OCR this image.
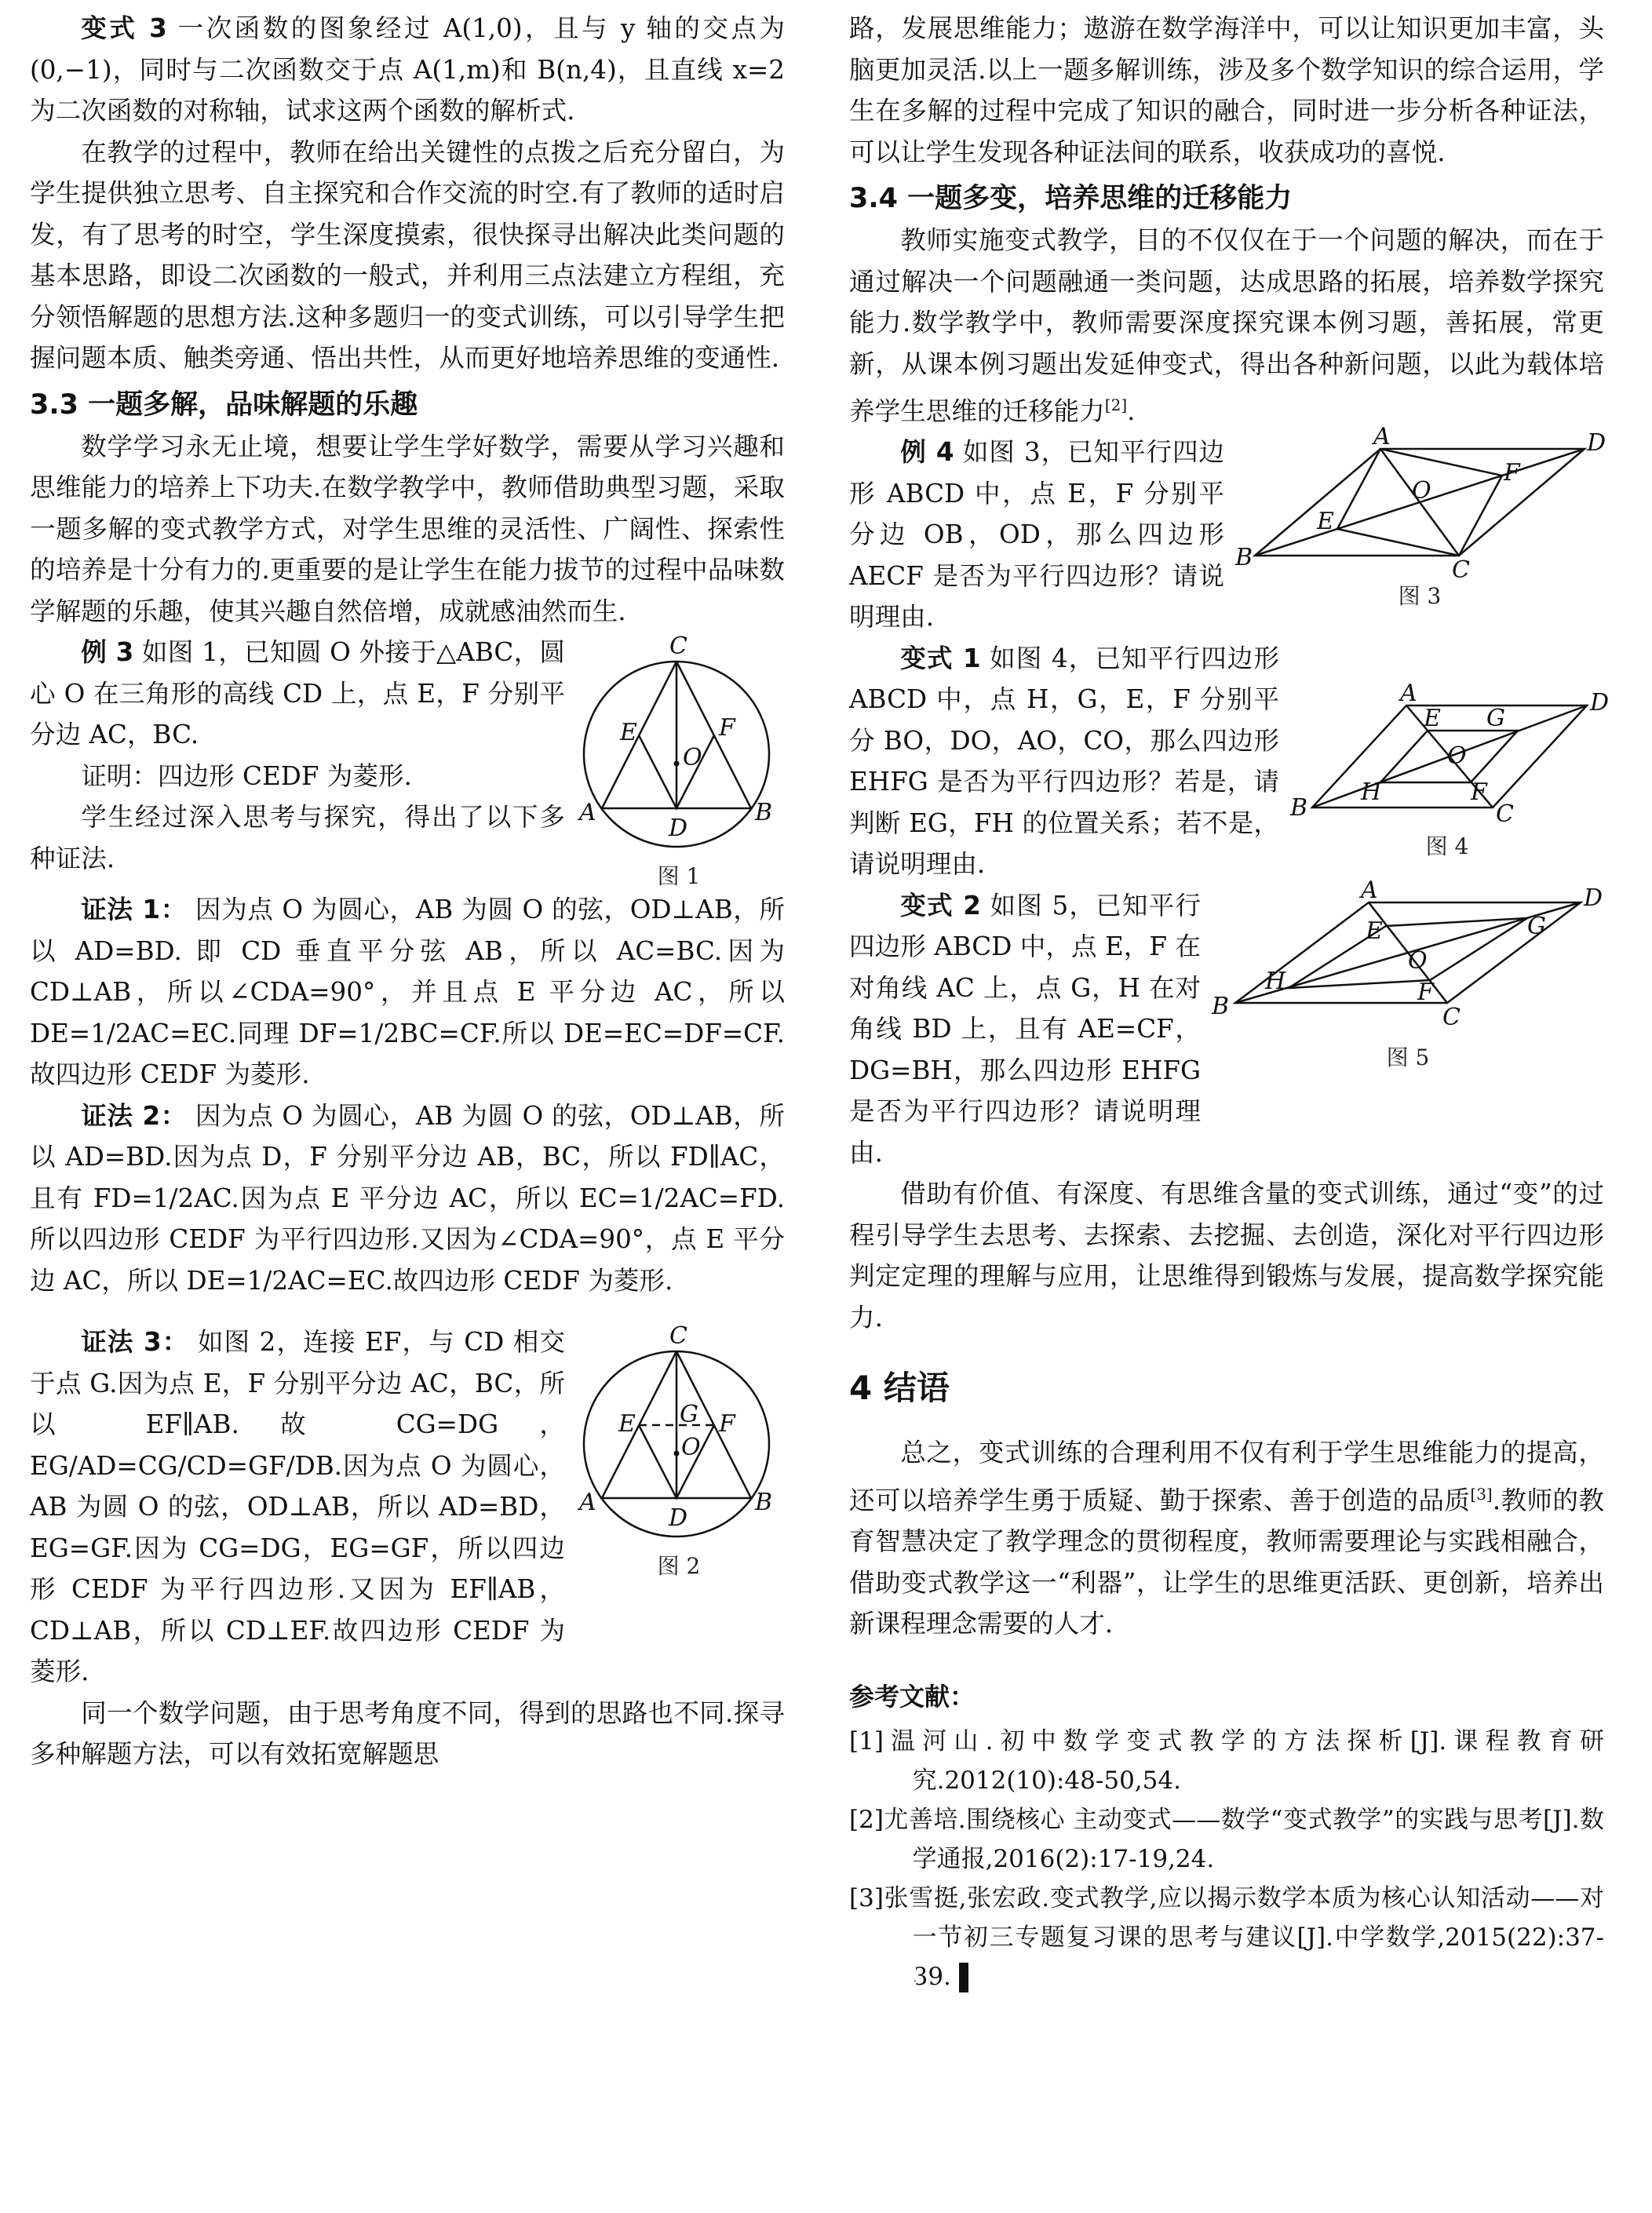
变式 3 一次函数的图象经过 A(1,0)，且与 y 轴的交点为(0,−1)，同时与二次函数交于点 A(1,m)和 B(n,4)，且直线 x=2 为二次函数的对称轴，试求这两个函数的解析式.

在教学的过程中，教师在给出关键性的点拨之后充分留白，为学生提供独立思考、自主探究和合作交流的时空.有了教师的适时启发，有了思考的时空，学生深度摸索，很快探寻出解决此类问题的基本思路，即设二次函数的一般式，并利用三点法建立方程组，充分领悟解题的思想方法.这种多题归一的变式训练，可以引导学生把握问题本质、触类旁通、悟出共性，从而更好地培养思维的变通性.

3.3 一题多解，品味解题的乐趣

数学学习永无止境，想要让学生学好数学，需要从学习兴趣和思维能力的培养上下功夫.在数学教学中，教师借助典型习题，采取一题多解的变式教学方式，对学生思维的灵活性、广阔性、探索性的培养是十分有力的.更重要的是让学生在能力拔节的过程中品味数学解题的乐趣，使其兴趣自然倍增，成就感油然而生.

例 3 如图 1，已知圆 O 外接于△ABC，圆心 O 在三角形的高线 CD 上，点 E，F 分别平分边 AC，BC.

证明：四边形 CEDF 为菱形.

学生经过深入思考与探究，得出了以下多种证法.

C
E	F
O
A
D
B
图 1

证法 1： 因为点 O 为圆心，AB 为圆 O 的弦，OD⊥AB，所以 AD=BD. 即 CD 垂直平分弦 AB，所以 AC=BC.因为 CD⊥AB，所以∠CDA=90°，并且点 E 平分边 AC，所以 DE=1/2AC=EC.同理 DF=1/2BC=CF.所以 DE=EC=DF=CF.故四边形 CEDF 为菱形.

证法 2： 因为点 O 为圆心，AB 为圆 O 的弦，OD⊥AB，所以 AD=BD.因为点 D，F 分别平分边 AB，BC，所以 FD∥AC，且有 FD=1/2AC.因为点 E 平分边 AC，所以 EC=1/2AC=FD.所以四边形 CEDF 为平行四边形.又因为∠CDA=90°，点 E 平分边 AC，所以 DE=1/2AC=EC.故四边形 CEDF 为菱形.

证法 3： 如图 2，连接 EF，与 CD 相交于点 G.因为点 E，F 分别平分边 AC，BC，所以 EF∥AB.故 CG=DG，EG/AD=CG/CD=GF/DB.因为点 O 为圆心，AB 为圆 O 的弦，OD⊥AB，所以 AD=BD，EG=GF.因为 CG=DG，EG=GF，所以四边形 CEDF 为平行四边形.又因为 EF∥AB，CD⊥AB，所以 CD⊥EF.故四边形 CEDF 为菱形.

C
E G F
O
A
D
B
图 2

同一个数学问题，由于思考角度不同，得到的思路也不同.探寻多种解题方法，可以有效拓宽解题思

路，发展思维能力；遨游在数学海洋中，可以让知识更加丰富，头脑更加灵活.以上一题多解训练，涉及多个数学知识的综合运用，学生在多解的过程中完成了知识的融合，同时进一步分析各种证法，可以让学生发现各种证法间的联系，收获成功的喜悦.

3.4 一题多变，培养思维的迁移能力

教师实施变式教学，目的不仅仅在于一个问题的解决，而在于通过解决一个问题融通一类问题，达成思路的拓展，培养数学探究能力.数学教学中，教师需要深度探究课本例习题，善拓展，常更新，从课本例习题出发延伸变式，得出各种新问题，以此为载体培养学生思维的迁移能力[2].

例 4 如图 3，已知平行四边形 ABCD 中，点 E，F 分别平分边 OB，OD，那么四边形 AECF 是否为平行四边形？请说明理由.

A	D
O
E
F
B	C
图 3

变式 1 如图 4，已知平行四边形 ABCD 中，点 H，G，E，F 分别平分 BO，DO，AO，CO，那么四边形 EHFG 是否为平行四边形？若是，请判断 EG，FH 的位置关系；若不是，请说明理由.

A
E G
D
O
B
H	F
C
图 4

变式 2 如图 5，已知平行四边形 ABCD 中，点 E，F 在对角线 AC 上，点 G，H 在对角线 BD 上，且有 AE=CF，DG=BH，那么四边形 EHFG 是否为平行四边形？请说明理由.

A	D
E	G
H
O
F
B	C
图 5

借助有价值、有深度、有思维含量的变式训练，通过“变”的过程引导学生去思考、去探索、去挖掘、去创造，深化对平行四边形判定定理的理解与应用，让思维得到锻炼与发展，提高数学探究能力.

4 结语

总之，变式训练的合理利用不仅有利于学生思维能力的提高，还可以培养学生勇于质疑、勤于探索、善于创造的品质[3].教师的教育智慧决定了教学理念的贯彻程度，教师需要理论与实践相融合，借助变式教学这一“利器”，让学生的思维更活跃、更创新，培养出新课程理念需要的人才.

参考文献：

[1]温河山.初中数学变式教学的方法探析[J].课程教育研究.2012(10):48-50,54.

[2]尤善培.围绕核心 主动变式——数学“变式教学”的实践与思考[J].数学通报,2016(2):17-19,24.

[3]张雪挺,张宏政.变式教学,应以揭示数学本质为核心认知活动——对一节初三专题复习课的思考与建议[J].中学数学,2015(22):37-39. Z
